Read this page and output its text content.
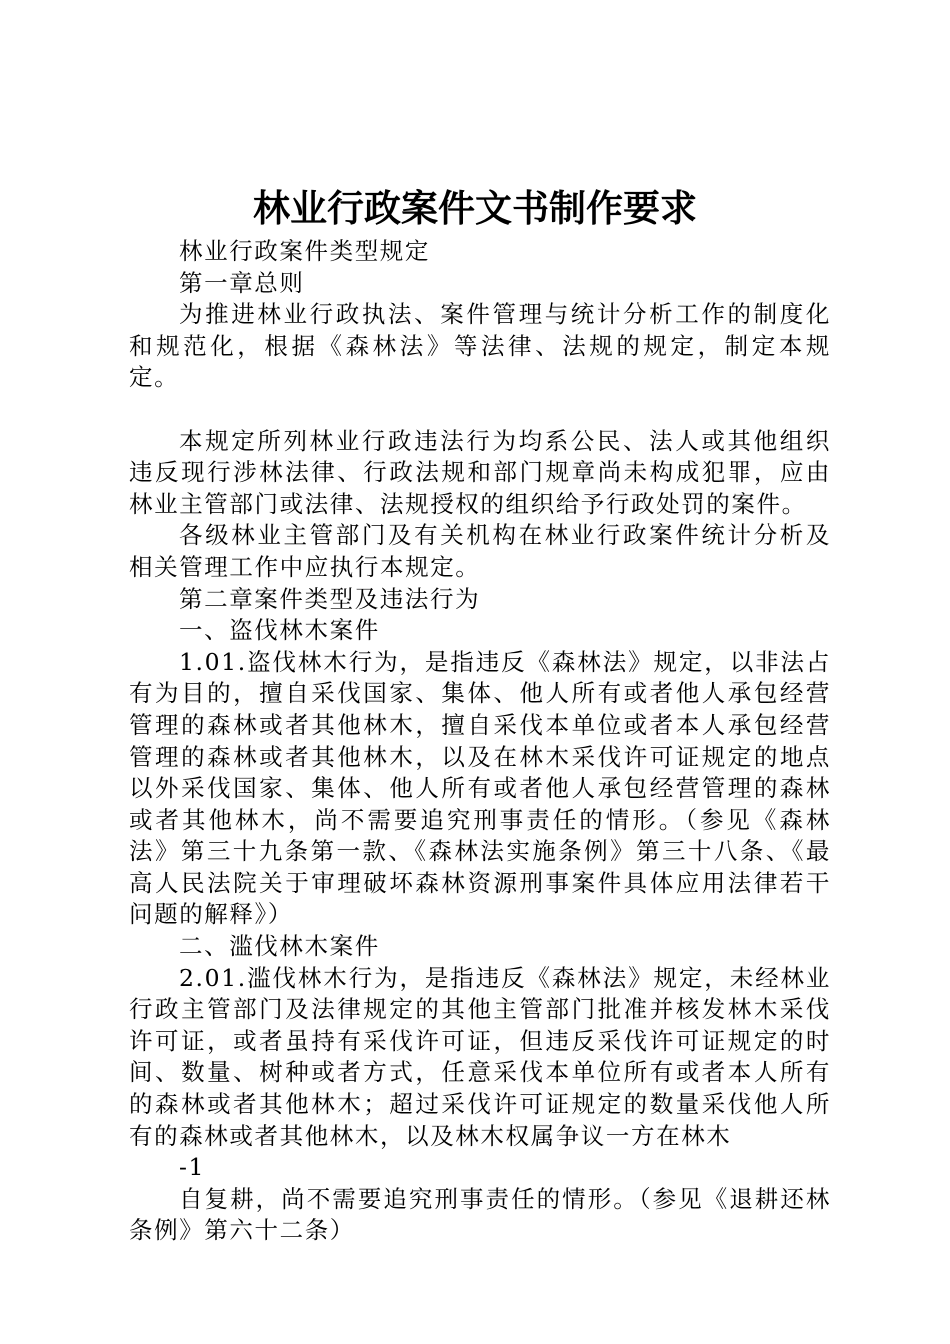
林业行政案件文书制作要求

林业行政案件类型规定

第一章总则

为推进林业行政执法、案件管理与统计分析工作的制度化和规范化，根据《森林法》等法律、法规的规定，制定本规定。

本规定所列林业行政违法行为均系公民、法人或其他组织违反现行涉林法律、行政法规和部门规章尚未构成犯罪，应由林业主管部门或法律、法规授权的组织给予行政处罚的案件。

各级林业主管部门及有关机构在林业行政案件统计分析及相关管理工作中应执行本规定。

第二章案件类型及违法行为

一、盗伐林木案件

1.01.盗伐林木行为，是指违反《森林法》规定，以非法占有为目的，擅自采伐国家、集体、他人所有或者他人承包经营管理的森林或者其他林木，擅自采伐本单位或者本人承包经营管理的森林或者其他林木，以及在林木采伐许可证规定的地点以外采伐国家、集体、他人所有或者他人承包经营管理的森林或者其他林木，尚不需要追究刑事责任的情形。（参见《森林法》第三十九条第一款、《森林法实施条例》第三十八条、《最高人民法院关于审理破坏森林资源刑事案件具体应用法律若干问题的解释》）

二、滥伐林木案件

2.01.滥伐林木行为，是指违反《森林法》规定，未经林业行政主管部门及法律规定的其他主管部门批准并核发林木采伐许可证，或者虽持有采伐许可证，但违反采伐许可证规定的时间、数量、树种或者方式，任意采伐本单位所有或者本人所有的森林或者其他林木；超过采伐许可证规定的数量采伐他人所有的森林或者其他林木，以及林木权属争议一方在林木

-1

自复耕，尚不需要追究刑事责任的情形。（参见《退耕还林条例》第六十二条）
